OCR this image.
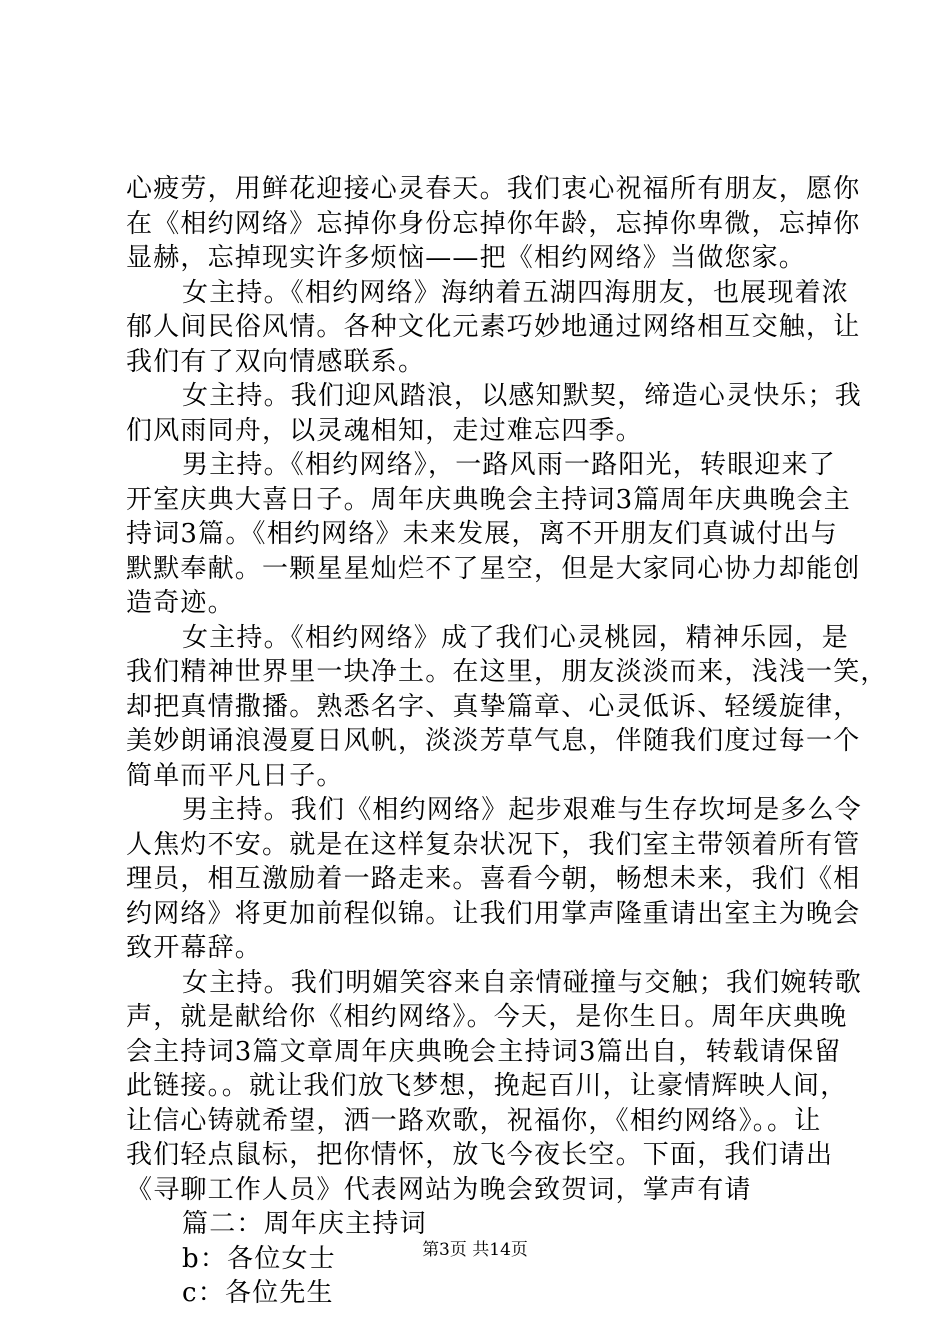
心疲劳，用鲜花迎接心灵春天。我们衷心祝福所有朋友，愿你
在《相约网络》忘掉你身份忘掉你年龄，忘掉你卑微，忘掉你
显赫，忘掉现实许多烦恼——把《相约网络》当做您家。
女主持。《相约网络》海纳着五湖四海朋友，也展现着浓
郁人间民俗风情。各种文化元素巧妙地通过网络相互交触，让
我们有了双向情感联系。
女主持。我们迎风踏浪，以感知默契，缔造心灵快乐；我
们风雨同舟，以灵魂相知，走过难忘四季。
男主持。《相约网络》，一路风雨一路阳光，转眼迎来了
开室庆典大喜日子。周年庆典晚会主持词3篇周年庆典晚会主
持词3篇。《相约网络》未来发展，离不开朋友们真诚付出与
默默奉献。一颗星星灿烂不了星空，但是大家同心协力却能创
造奇迹。
女主持。《相约网络》成了我们心灵桃园，精神乐园，是
我们精神世界里一块净土。在这里，朋友淡淡而来，浅浅一笑，
却把真情撒播。熟悉名字、真挚篇章、心灵低诉、轻缓旋律，
美妙朗诵浪漫夏日风帆，淡淡芳草气息，伴随我们度过每一个
简单而平凡日子。
男主持。我们《相约网络》起步艰难与生存坎坷是多么令
人焦灼不安。就是在这样复杂状况下，我们室主带领着所有管
理员，相互激励着一路走来。喜看今朝，畅想未来，我们《相
约网络》将更加前程似锦。让我们用掌声隆重请出室主为晚会
致开幕辞。
女主持。我们明媚笑容来自亲情碰撞与交触；我们婉转歌
声，就是献给你《相约网络》。今天，是你生日。周年庆典晚
会主持词3篇文章周年庆典晚会主持词3篇出自，转载请保留
此链接。。就让我们放飞梦想，挽起百川，让豪情辉映人间，
让信心铸就希望，洒一路欢歌，祝福你，《相约网络》。。让
我们轻点鼠标，把你情怀，放飞今夜长空。下面，我们请出
《寻聊工作人员》代表网站为晚会致贺词，掌声有请
篇二：周年庆主持词
b：各位女士
c：各位先生
第3页 共14页
